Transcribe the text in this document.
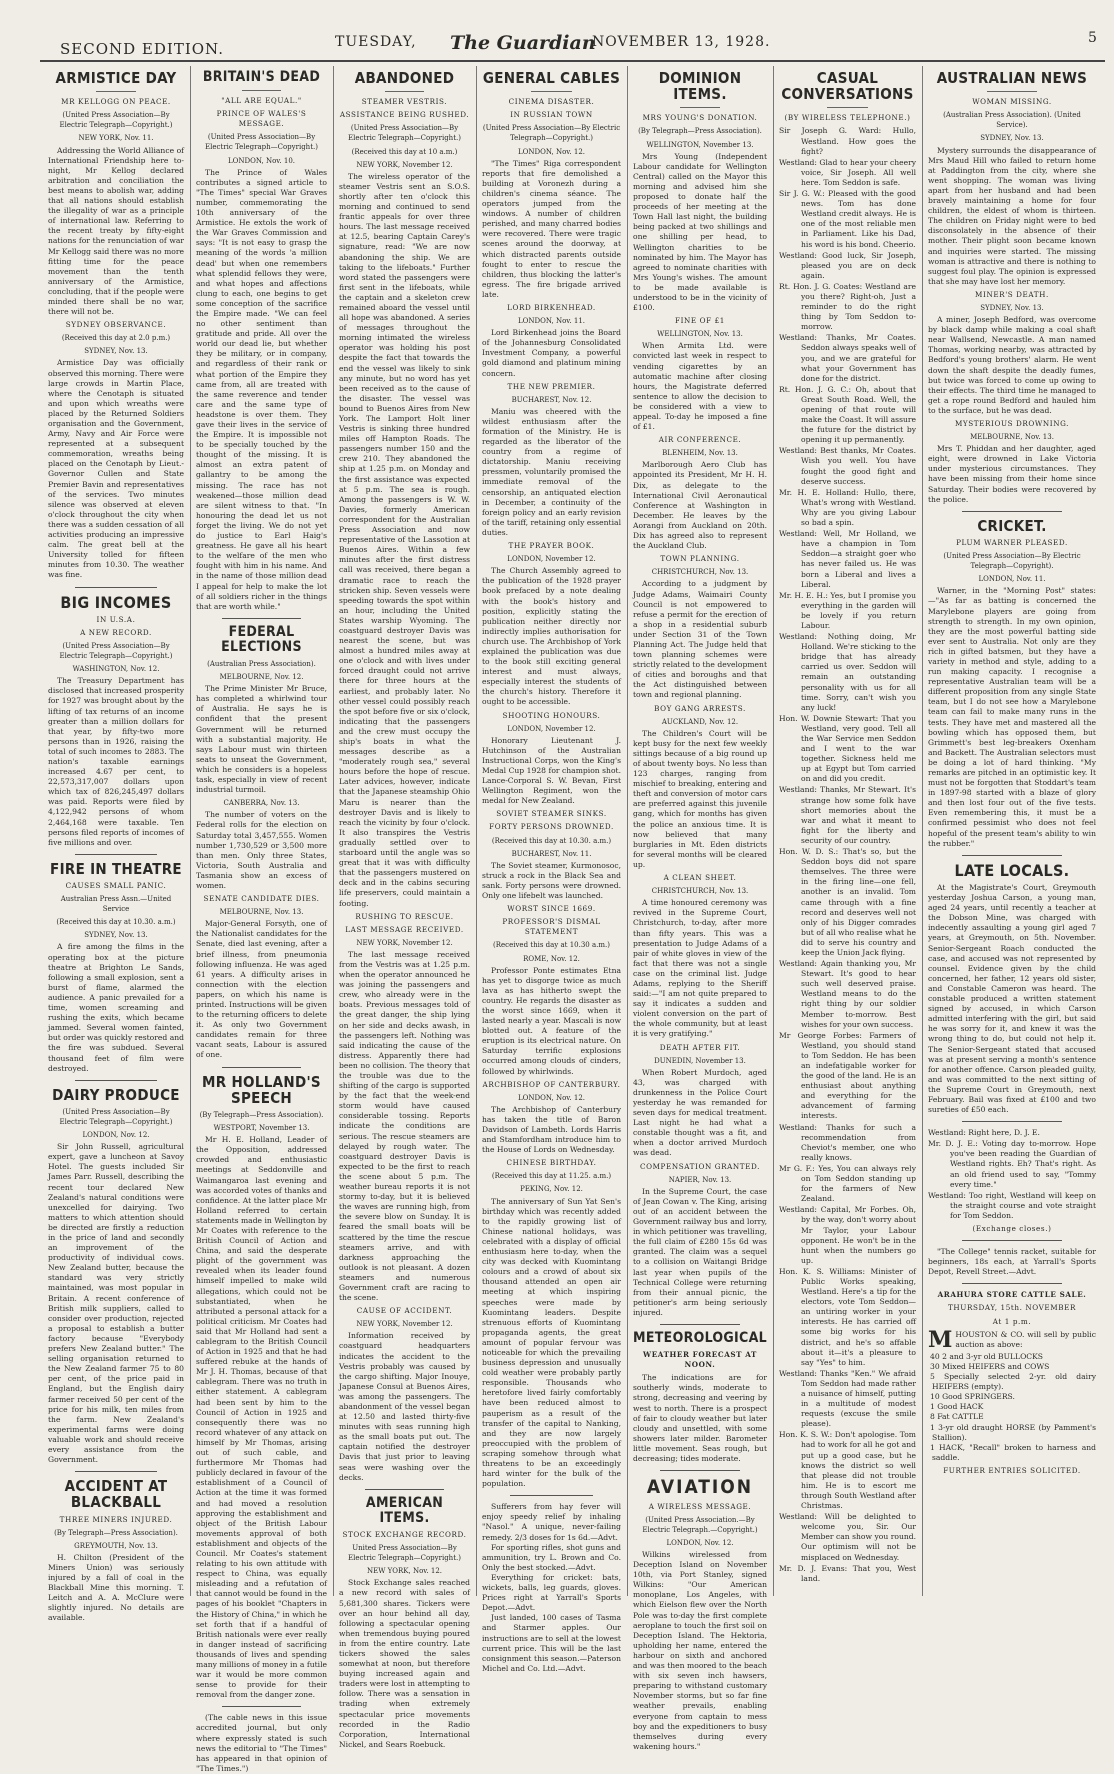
SECOND EDITION.	TUESDAY, The Guardian
NOVEMBER 13, 1928.	5
ARMISTICE DAY
MR KELLOGG ON PEACE.
(United Press Association—By Electric Telegraph—Copyright.)
NEW YORK, Nov. 11.

Addressing the World Alliance of International Friendship here to-night, Mr Kellog declared arbitration and conciliation the best means to abolish war, adding that all nations should establish the illegality of war as a principle of international law. Referring to the recent treaty by fifty-eight nations for the renunciation of war Mr Kellogg said there was no more fitting time for the peace movement than the tenth anniversary of the Armistice, concluding, that if the people were minded there shall be no war, there will not be.

SYDNEY OBSERVANCE.
(Received this day at 2.0 p.m.)
SYDNEY, Nov. 13.

Armistice Day was officially observed this morning. There were large crowds in Martin Place, where the Cenotaph is situated and upon which wreaths were placed by the Returned Soldiers organisation and the Government, Army, Navy and Air Force were represented at a subsequent commemoration, wreaths being placed on the Cenotaph by Lieut.-Governor Cullen and State Premier Bavin and representatives of the services. Two minutes silence was observed at eleven o'clock throughout the city when there was a sudden cessation of all activities producing an impressive calm. The great bell at the University tolled for fifteen minutes from 10.30. The weather was fine.

BIG INCOMES
IN U.S.A.
A NEW RECORD.
(United Press Association—By Electric Telegraph—Copyright.)
WASHINGTON, Nov. 12.

The Treasury Department has disclosed that increased prosperity for 1927 was brought about by the lifting of tax returns of an income greater than a million dollars for that year, by fifty-two more persons than in 1926, raising the total of such incomes to 2883. The nation's taxable earnings increased 4.67 per cent, to 22,573,317,007 dollars upon which tax of 826,245,497 dollars was paid. Reports were filed by 4,122,942 persons of whom 2,464,168 were taxable. Ten persons filed reports of incomes of five millions and over.

FIRE IN THEATRE
CAUSES SMALL PANIC.
Australian Press Assn.—United Service
(Received this day at 10.30. a.m.)
SYDNEY, Nov. 13.

A fire among the films in the operating box at the picture theatre at Brighton Le Sands, following a small explosion, sent a burst of flame, alarmed the audience. A panic prevailed for a time, women screaming and rushing the exits, which became jammed. Several women fainted, but order was quickly restored and the fire was subdued. Several thousand feet of film were destroyed.

DAIRY PRODUCE
(United Press Association—By Electric Telegraph—Copyright.)
LONDON, Nov. 12.

Sir John Russell, agricultural expert, gave a luncheon at Savoy Hotel. The guests included Sir James Parr. Russell, describing the recent tour declared New Zealand's natural conditions were unexcelled for dairying. Two matters to which attention should be directed are firstly a reduction in the price of land and secondly an improvement of the productivity of individual cows. New Zealand butter, because the standard was very strictly maintained, was most popular in Britain. A recent conference of British milk suppliers, called to consider over production, rejected a proposal to establish a butter factory because "Everybody prefers New Zealand butter." The selling organisation returned to the New Zealand farmer 75 to 80 per cent, of the price paid in England, but the English dairy farmer received 50 per cent of the price for his milk, ten miles from the farm. New Zealand's experimental farms were doing valuable work and should receive every assistance from the Government.

ACCIDENT AT BLACKBALL
THREE MINERS INJURED.
(By Telegraph—Press Association).
GREYMOUTH, Nov. 13.

H. Chilton (President of the Miners Union) was seriously injured by a fall of coal in the Blackball Mine this morning. T. Leitch and A. A. McClure were slightly injured. No details are available.

BRITAIN'S DEAD
"ALL ARE EQUAL."
PRINCE OF WALES'S MESSAGE.
(United Press Association—By Electric Telegraph—Copyright.)
LONDON, Nov. 10.

The Prince of Wales contributes a signed article to "The Times" special War Graves number, commemorating the 10th anniversary of the Armistice. He extols the work of the War Graves Commission and says: "It is not easy to grasp the meaning of the words 'a million dead' but when one remembers what splendid fellows they were, and what hopes and affections clung to each, one begins to get some conception of the sacrifice the Empire made. "We can feel no other sentiment than gratitude and pride. All over the world our dead lie, but whether they be military, or in company, and regardless of their rank or what portion of the Empire they came from, all are treated with the same reverence and tender care and the same type of headstone is over them. They gave their lives in the service of the Empire. It is impossible not to be specially touched by the thought of the missing. It is almost an extra patent of gallantry to be among the missing. The race has not weakened—those million dead are silent witness to that. "In honouring the dead let us not forget the living. We do not yet do justice to Earl Haig's greatness. He gave all his heart to the welfare of the men who fought with him in his name. And in the name of those million dead I appeal for help to make the lot of all soldiers richer in the things that are worth while."

FEDERAL ELECTIONS
(Australian Press Association).
MELBOURNE, Nov. 12.

The Prime Minister Mr Bruce, has completed a whirlwind tour of Australia. He says he is confident that the present Government will be returned with a substantial majority. He says Labour must win thirteen seats to unseat the Government, which he considers is a hopeless task, especially in view of recent industrial turmoil.

CANBERRA, Nov. 13.

The number of voters on the Federal rolls for the election on Saturday total 3,457,555. Women number 1,730,529 or 3,500 more than men. Only three States, Victoria, South Australia and Tasmania show an excess of women.

SENATE CANDIDATE DIES.
MELBOURNE, Nov. 13.

Major-General Forsyth, one of the Nationalist candidates for the Senate, died last evening, after a brief illness, from pneumonia following influenza. He was aged 61 years. A difficulty arises in connection with the election papers, on which his name is printed. Instructions will be given to the returning officers to delete it. As only two Government candidates remain for three vacant seats, Labour is assured of one.

MR HOLLAND'S SPEECH
(By Telegraph—Press Association).
WESTPORT, November 13.

Mr H. E. Holland, Leader of the Opposition, addressed crowded and enthusiastic meetings at Seddonville and Waimangaroa last evening and was accorded votes of thanks and confidence. At the latter place Mr Holland referred to certain statements made in Wellington by Mr Coates with reference to the British Council of Action and China, and said the desperate plight of the government was revealed when its leader found himself impelled to make wild allegations, which could not be substantiated, when he attributed a personal attack for a political criticism. Mr Coates had said that Mr Holland had sent a cablegram to the British Council of Action in 1925 and that he had suffered rebuke at the hands of Mr J. H. Thomas, because of that cablegram. There was no truth in either statement. A cablegram had been sent by him to the Council of Action in 1925 and consequently there was no record whatever of any attack on himself by Mr Thomas, arising out of such cable, and furthermore Mr Thomas had publicly declared in favour of the establishment of a Council of Action at the time it was formed and had moved a resolution approving the establishment and object of the British Labour movements approval of both establishment and objects of the Council. Mr Coates's statement relating to his own attitude with respect to China, was equally misleading and a refutation of that cannot would be found in the pages of his booklet "Chapters in the History of China," in which he set forth that if a handful of British nationals were ever really in danger instead of sacrificing thousands of lives and spending many millions of money in a futile war it would be more common sense to provide for their removal from the danger zone.

(The cable news in this issue accredited journal, but only where expressly stated is such news the editorial to "The Times" has appeared in that opinion of "The Times.")

ABANDONED
STEAMER VESTRIS.
ASSISTANCE BEING RUSHED.
(United Press Association—By Electric Telegraph—Copyright.)
(Received this day at 10 a.m.)
NEW YORK, November 12.

The wireless operator of the steamer Vestris sent an S.O.S. shortly after ten o'clock this morning and continued to send frantic appeals for over three hours. The last message received at 12.5, bearing Captain Carey's signature, read: "We are now abandoning the ship. We are taking to the lifeboats." Further word stated the passengers were first sent in the lifeboats, while the captain and a skeleton crew remained aboard the vessel until all hope was abandoned. A series of messages throughout the morning intimated the wireless operator was holding his post despite the fact that towards the end the vessel was likely to sink any minute, but no word has yet been received as to the cause of the disaster. The vessel was bound to Buenos Aires from New York. The Lamport Holt liner Vestris is sinking three hundred miles off Hampton Roads. The passengers number 150 and the crew 210. They abandoned the ship at 1.25 p.m. on Monday and the first assistance was expected at 5 p.m. The sea is rough. Among the passengers is W. W. Davies, formerly American correspondent for the Australian Press Association and now representative of the Lassotion at Buenos Aires. Within a few minutes after the first distress call was received, there began a dramatic race to reach the stricken ship. Seven vessels were speeding towards the spot within an hour, including the United States warship Wyoming. The coastguard destroyer Davis was nearest the scene, but was almost a hundred miles away at one o'clock and with lives under forced draught could not arrive there for three hours at the earliest, and probably later. No other vessel could possibly reach the spot before five or six o'clock, indicating that the passengers and the crew must occupy the ship's boats in what the messages describe as a "moderately rough sea," several hours before the hope of rescue. Later advices, however, indicate that the Japanese steamship Ohio Maru is nearer than the destroyer Davis and is likely to reach the vicinity by four o'clock. It also transpires the Vestris gradually settled over to starboard until the angle was so great that it was with difficulty that the passengers mustered on deck and in the cabins securing life preservers, could maintain a footing.

RUSHING TO RESCUE.
LAST MESSAGE RECEIVED.
NEW YORK, November 12.

The last message received from the Vestris was at 1.25 p.m. when the operator announced he was joining the passengers and crew, who already were in the boats. Previous messages told of the great danger, the ship lying on her side and decks awash, in the passengers left. Nothing was said indicating the cause of the distress. Apparently there had been no collision. The theory that the trouble was due to the shifting of the cargo is supported by the fact that the week-end storm would have caused considerable tossing. Reports indicate the conditions are serious. The rescue steamers are delayed by rough water. The coastguard destroyer Davis is expected to be the first to reach the scene about 5 p.m. The weather bureau reports it is not stormy to-day, but it is believed the waves are running high, from the severe blow on Sunday. It is feared the small boats will be scattered by the time the rescue steamers arrive, and with darkness approaching the outlook is not pleasant. A dozen steamers and numerous Government craft are racing to the scene.

CAUSE OF ACCIDENT.
NEW YORK, November 12.

Information received by coastguard headquarters indicates the accident to the Vestris probably was caused by the cargo shifting. Major Inouye, Japanese Consul at Buenos Aires, was among the passengers. The abandonment of the vessel began at 12.50 and lasted thirty-five minutes with seas running high as the small boats put out. The captain notified the destroyer Davis that just prior to leaving seas were washing over the decks.

AMERICAN ITEMS.
STOCK EXCHANGE RECORD.
United Press Association—By Electric Telegraph—Copyright.)
NEW YORK, Nov. 12.

Stock Exchange sales reached a new record with sales of 5,681,300 shares. Tickers were over an hour behind all day, following a spectacular opening when tremendous buying poured in from the entire country. Late tickers showed the sales somewhat at noon, but therefore buying increased again and traders were lost in attempting to follow. There was a sensation in trading when extremely spectacular price movements recorded in the Radio Corporation, International Nickel, and Sears Roebuck.

GENERAL CABLES
CINEMA DISASTER.
IN RUSSIAN TOWN
(United Press Association—By Electric Telegraph—Copyright.)
LONDON, Nov. 12.

"The Times" Riga correspondent reports that fire demolished a building at Voronezh during a children's cinema séance. The operators jumped from the windows. A number of children perished, and many charred bodies were recovered. There were tragic scenes around the doorway, at which distracted parents outside fought to enter to rescue the children, thus blocking the latter's egress. The fire brigade arrived late.

LORD BIRKENHEAD.
LONDON, Nov. 11.

Lord Birkenhead joins the Board of the Johannesburg Consolidated Investment Company, a powerful gold diamond and platinum mining concern.

THE NEW PREMIER.
BUCHAREST, Nov. 12.

Maniu was cheered with the wildest enthusiasm after the formation of the Ministry. He is regarded as the liberator of the country from a regime of dictatorship. Maniu receiving pressmen, voluntarily promised the immediate removal of the censorship, an antiquated election in December, a continuity of the foreign policy and an early revision of the tariff, retaining only essential duties.

THE PRAYER BOOK.
LONDON, November 12.

The Church Assembly agreed to the publication of the 1928 prayer book prefaced by a note dealing with the book's history and position, explicitly stating the publication neither directly nor indirectly implies authorisation for church use. The Archbishop of York explained the publication was due to the book still exciting general interest and must always, especially interest the students of the church's history. Therefore it ought to be accessible.

SHOOTING HONOURS.
LONDON, November 12.

Honorary Lieutenant J. Hutchinson of the Australian Instructional Corps, won the King's Medal Cup 1928 for champion shot. Lance-Corporal S. W. Bevan, First Wellington Regiment, won the medal for New Zealand.

SOVIET STEAMER SINKS.
FORTY PERSONS DROWNED.
(Received this day at 10.30. a.m.)
BUCHAREST, Nov. 11.

The Soviet steamer, Kurmonosoc, struck a rock in the Black Sea and sank. Forty persons were drowned. Only one lifebelt was launched.

WORST SINCE 1669.
PROFESSOR'S DISMAL STATEMENT
(Received this day at 10.30 a.m.)
ROME, Nov. 12.

Professor Ponte estimates Etna has yet to disgorge twice as much lava as has hitherto swept the country. He regards the disaster as the worst since 1669, when it lasted nearly a year. Mascali is now blotted out. A feature of the eruption is its electrical nature. On Saturday terrific explosions occurred among clouds of cinders, followed by whirlwinds.

ARCHBISHOP OF CANTERBURY.
LONDON, Nov. 12.

The Archbishop of Canterbury has taken the title of Baron Davidson of Lambeth. Lords Harris and Stamfordham introduce him to the House of Lords on Wednesday.

CHINESE BIRTHDAY.
(Received this day at 11.25. a.m.)
PEKING, Nov. 12.

The anniversary of Sun Yat Sen's birthday which was recently added to the rapidly growing list of Chinese national holidays, was celebrated with a display of official enthusiasm here to-day, when the city was decked with Kuomintang colours and a crowd of about six thousand attended an open air meeting at which inspiring speeches were made by Kuomintang leaders. Despite strenuous efforts of Kuomintang propaganda agents, the great amount of popular fervour was noticeable for which the prevailing business depression and unusually cold weather were probably partly responsible. Thousands who heretofore lived fairly comfortably have been reduced almost to pauperism as a result of the transfer of the capital to Nanking, and they are now largely preoccupied with the problem of scraping somehow through what threatens to be an exceedingly hard winter for the bulk of the population.

Sufferers from hay fever will enjoy speedy relief by inhaling "Nasol." A unique, never-failing remedy. 2/3 doses for 1s 6d.—Advt.

For sporting rifles, shot guns and ammunition, try L. Brown and Co. Only the best stocked.—Advt.

Everything for cricket: bats, wickets, balls, leg guards, gloves. Prices right at Yarrall's Sports Depot.—Advt.

Just landed, 100 cases of Tasma and Starmer apples. Our instructions are to sell at the lowest current price. This will be the last consignment this season.—Paterson Michel and Co. Ltd.—Advt.

DOMINION ITEMS.
MRS YOUNG'S DONATION.
(By Telegraph—Press Association).
WELLINGTON, November 13.

Mrs Young (Independent Labour candidate for Wellington Central) called on the Mayor this morning and advised him she proposed to donate half the proceeds of her meeting at the Town Hall last night, the building being packed at two shillings and one shilling per head, to Wellington charities to be nominated by him. The Mayor has agreed to nominate charities with Mrs Young's wishes. The amount to be made available is understood to be in the vicinity of £100.

FINE OF £1
WELLINGTON, Nov. 13.

When Armita Ltd. were convicted last week in respect to vending cigarettes by an automatic machine after closing hours, the Magistrate deferred sentence to allow the decision to be considered with a view to appeal. To-day he imposed a fine of £1.

AIR CONFERENCE.
BLENHEIM, Nov. 13.

Marlborough Aero Club has appointed its President, Mr H. H. Dix, as delegate to the International Civil Aeronautical Conference at Washington in December. He leaves by the Aorangi from Auckland on 20th. Dix has agreed also to represent the Auckland Club.

TOWN PLANNING.
CHRISTCHURCH, Nov. 13.

According to a judgment by Judge Adams, Waimairi County Council is not empowered to refuse a permit for the erection of a shop in a residential suburb under Section 31 of the Town Planning Act. The Judge held that town planning schemes were strictly related to the development of cities and boroughs and that the Act distinguished between town and regional planning.

BOY GANG ARRESTS.
AUCKLAND, Nov. 12.

The Children's Court will be kept busy for the next few weekly sittings because of a big round up of about twenty boys. No less than 123 charges, ranging from mischief to breaking, entering and theft and conversion of motor cars are preferred against this juvenile gang, which for months has given the police an anxious time. It is now believed that many burglaries in Mt. Eden districts for several months will be cleared up.

A CLEAN SHEET.
CHRISTCHURCH, Nov. 13.

A time honoured ceremony was revived in the Supreme Court, Christchurch, to-day, after more than fifty years. This was a presentation to Judge Adams of a pair of white gloves in view of the fact that there was not a single case on the criminal list. Judge Adams, replying to the Sheriff said:—"I am not quite prepared to say it indicates a sudden and violent conversion on the part of the whole community, but at least it is very gratifying."

DEATH AFTER FIT.
DUNEDIN, November 13.

When Robert Murdoch, aged 43, was charged with drunkenness in the Police Court yesterday he was remanded for seven days for medical treatment. Last night he had what a constable thought was a fit, and when a doctor arrived Murdoch was dead.

COMPENSATION GRANTED.
NAPIER, Nov. 13.

In the Supreme Court, the case of Jean Cowan v. The King, arising out of an accident between the Government railway bus and lorry, in which petitioner was travelling, the full claim of £280 15s 6d was granted. The claim was a sequel to a collision on Waitangi Bridge last year when pupils of the Technical College were returning from their annual picnic, the petitioner's arm being seriously injured.

METEOROLOGICAL
WEATHER FORECAST AT NOON.

The indications are for southerly winds, moderate to strong, decreasing and veering by west to north. There is a prospect of fair to cloudy weather but later cloudy and unsettled, with some showers later milder. Barometer little movement. Seas rough, but decreasing; tides moderate.

AVIATION
A WIRELESS MESSAGE.
(United Press Association.—By Electric Telegraph.—Copyright.)
LONDON, Nov. 12.

Wilkins wirelessed from Deception Island on November 10th, via Port Stanley, signed Wilkins: "Our American monoplane, Los Angeles, with which Eielson flew over the North Pole was to-day the first complete aeroplane to touch the first soil on Deception Island. The Hektoria, upholding her name, entered the harbour on sixth and anchored and was then moored to the beach with six seven inch hawsers, preparing to withstand customary November storms, but so far fine weather prevails, enabling everyone from captain to mess boy and the expeditioners to busy themselves during every wakening hours."

CASUAL CONVERSATIONS
(BY WIRELESS TELEPHONE.)

Sir Joseph G. Ward: Hullo, Westland. How goes the fight?

Westland: Glad to hear your cheery voice, Sir Joseph. All well here. Tom Seddon is safe.

Sir J. G. W.: Pleased with the good news. Tom has done Westland credit always. He is one of the most reliable men in Parliament. Like his Dad, his word is his bond. Cheerio.

Westland: Good luck, Sir Joseph, pleased you are on deck again.

Rt. Hon. J. G. Coates: Westland are you there? Right-oh, Just a reminder to do the right thing by Tom Seddon to-morrow.

Westland: Thanks, Mr Coates. Seddon always speaks well of you, and we are grateful for what your Government has done for the district.

Rt. Hon. J. G. C.: Oh, about that Great South Road. Well, the opening of that route will make the Coast. It will assure the future for the district by opening it up permanently.

Westland: Best thanks, Mr Coates. Wish you well. You have fought the good fight and deserve success.

Mr. H. E. Holland: Hullo, there, What's wrong with Westland. Why are you giving Labour so bad a spin.

Westland: Well, Mr Holland, we have a champion in Tom Seddon—a straight goer who has never failed us. He was born a Liberal and lives a Liberal.

Mr. H. E. H.: Yes, but I promise you everything in the garden will be lovely if you return Labour.

Westland: Nothing doing, Mr Holland. We're sticking to the bridge that has already carried us over. Seddon will remain an outstanding personality with us for all time. Sorry, can't wish you any luck!

Hon. W. Downie Stewart: That you Westland, very good. Tell all the War Service men Seddon and I went to the war together. Sickness held me up at Egypt but Tom carried on and did you credit.

Westland: Thanks, Mr Stewart. It's strange how some folk have short memories about the war and what it meant to fight for the liberty and security of our country.

Hon. W. D. S.: That's so, but the Seddon boys did not spare themselves. The three were in the firing line—one fell, another is an invalid. Tom came through with a fine record and deserves well not only of his Digger comrades but of all who realise what he did to serve his country and keep the Union Jack flying.

Westland: Again thanking you, Mr Stewart. It's good to hear such well deserved praise. Westland means to do the right thing by our soldier Member to-morrow. Best wishes for your own success.

Mr George Forbes: Farmers of Westland, you should stand to Tom Seddon. He has been an indefatigable worker for the good of the land. He is an enthusiast about anything and everything for the advancement of farming interests.

Westland: Thanks for such a recommendation from Cheviot's member, one who really knows.

Mr G. F.: Yes, You can always rely on Tom Seddon standing up for the farmers of New Zealand.

Westland: Capital, Mr Forbes. Oh, by the way, don't worry about Mr Taylor, your Labour opponent. He won't be in the hunt when the numbers go up.

Hon. K. S. Williams: Minister of Public Works speaking, Westland. Here's a tip for the electors, vote Tom Seddon—an untiring worker in your interests. He has carried off some big works for his district, and he's so affable about it—it's a pleasure to say "Yes" to him.

Westland: Thanks "Ken." We afraid Tom Seddon had made rather a nuisance of himself, putting in a multitude of modest requests (excuse the smile please).

Hon. K. S. W.: Don't apologise. Tom had to work for all he got and put up a good case, but he knows the district so well that please did not trouble him. He is to escort me through South Westland after Christmas.

Westland: Will be delighted to welcome you, Sir. Our Member can show you round. Our optimism will not be misplaced on Wednesday.

Mr. D. J. Evans: That you, West land.

AUSTRALIAN NEWS
WOMAN MISSING.
(Australian Press Association). (United Service).
SYDNEY, Nov. 13.

Mystery surrounds the disappearance of Mrs Maud Hill who failed to return home at Paddington from the city, where she went shopping. The woman was living apart from her husband and had been bravely maintaining a home for four children, the eldest of whom is thirteen. The children on Friday night were to bed disconsolately in the absence of their mother. Their plight soon became known and inquiries were started. The missing woman is attractive and there is nothing to suggest foul play. The opinion is expressed that she may have lost her memory.

MINER'S DEATH.
SYDNEY, Nov. 13.

A miner, Joseph Bedford, was overcome by black damp while making a coal shaft near Wallsend, Newcastle. A man named Thomas, working nearby, was attracted by Bedford's young brothers' alarm. He went down the shaft despite the deadly fumes, but twice was forced to come up owing to their effects. The third time he managed to get a rope round Bedford and hauled him to the surface, but he was dead.

MYSTERIOUS DROWNING.
MELBOURNE, Nov. 13.

Mrs T. Phiddan and her daughter, aged eight, were drowned in Lake Victoria under mysterious circumstances. They have been missing from their home since Saturday. Their bodies were recovered by the police.

CRICKET.
PLUM WARNER PLEASED.
(United Press Association—By Electric Telegraph—Copyright).
LONDON, Nov. 11.

Warner, in the "Morning Post" states:—"As far as batting is concerned the Marylebone players are going from strength to strength. In my own opinion, they are the most powerful batting side ever sent to Australia. Not only are they rich in gifted batsmen, but they have a variety in method and style, adding to a run making capacity. I recognise a representative Australian team will be a different proposition from any single State team, but I do not see how a Marylebone team can fail to make many runs in the tests. They have met and mastered all the bowling which has opposed them, but Grimmett's best leg-breakers Oxenham and Backett. The Australian selectors must be doing a lot of hard thinking. "My remarks are pitched in an optimistic key. It must not be forgotten that Stoddart's team in 1897-98 started with a blaze of glory and then lost four out of the five tests. Even remembering this, it must be a confirmed pessimist who does not feel hopeful of the present team's ability to win the rubber."

LATE LOCALS.

At the Magistrate's Court, Greymouth yesterday Joshua Carson, a young man, aged 24 years, until recently a teacher at the Dobson Mine, was charged with indecently assaulting a young girl aged 7 years, at Greymouth, on 5th. November. Senior-Sergeant Roach conducted the case, and accused was not represented by counsel. Evidence given by the child concerned, her father, 12 years old sister, and Constable Cameron was heard. The constable produced a written statement signed by accused, in which Carson admitted interfering with the girl, but said he was sorry for it, and knew it was the wrong thing to do, but could not help it. The Senior-Sergeant stated that accused was at present serving a month's sentence for another offence. Carson pleaded guilty, and was committed to the next sitting of the Supreme Court in Greymouth, next February. Bail was fixed at £100 and two sureties of £50 each.

Westland: Right here, D. J. E.

Mr. D. J. E.: Voting day to-morrow. Hope you've been reading the Guardian of Westland rights. Eh? That's right. As an old friend used to say, "Tommy every time."

Westland: Too right, Westland will keep on the straight course and vote straight for Tom Seddon.

(Exchange closes.)

"The College" tennis racket, suitable for beginners, 18s each, at Yarrall's Sports Depot, Revell Street.—Advt.

ARAHURA STORE CATTLE SALE.
THURSDAY, 15th. NOVEMBER
At 1 p.m.
MHOUSTON & CO. will sell by public auction as above:
40 2 and 3-yr old BULLOCKS
30 Mixed HEIFERS and COWS
5 Specially selected 2-yr. old dairy HEIFERS (empty).
10 Good SPRINGERS.
1 Good HACK
8 Fat CATTLE
1 3-yr old draught HORSE (by Pamment's Stallion).
1 HACK, "Recall" broken to harness and saddle.
FURTHER ENTRIES SOLICITED.
